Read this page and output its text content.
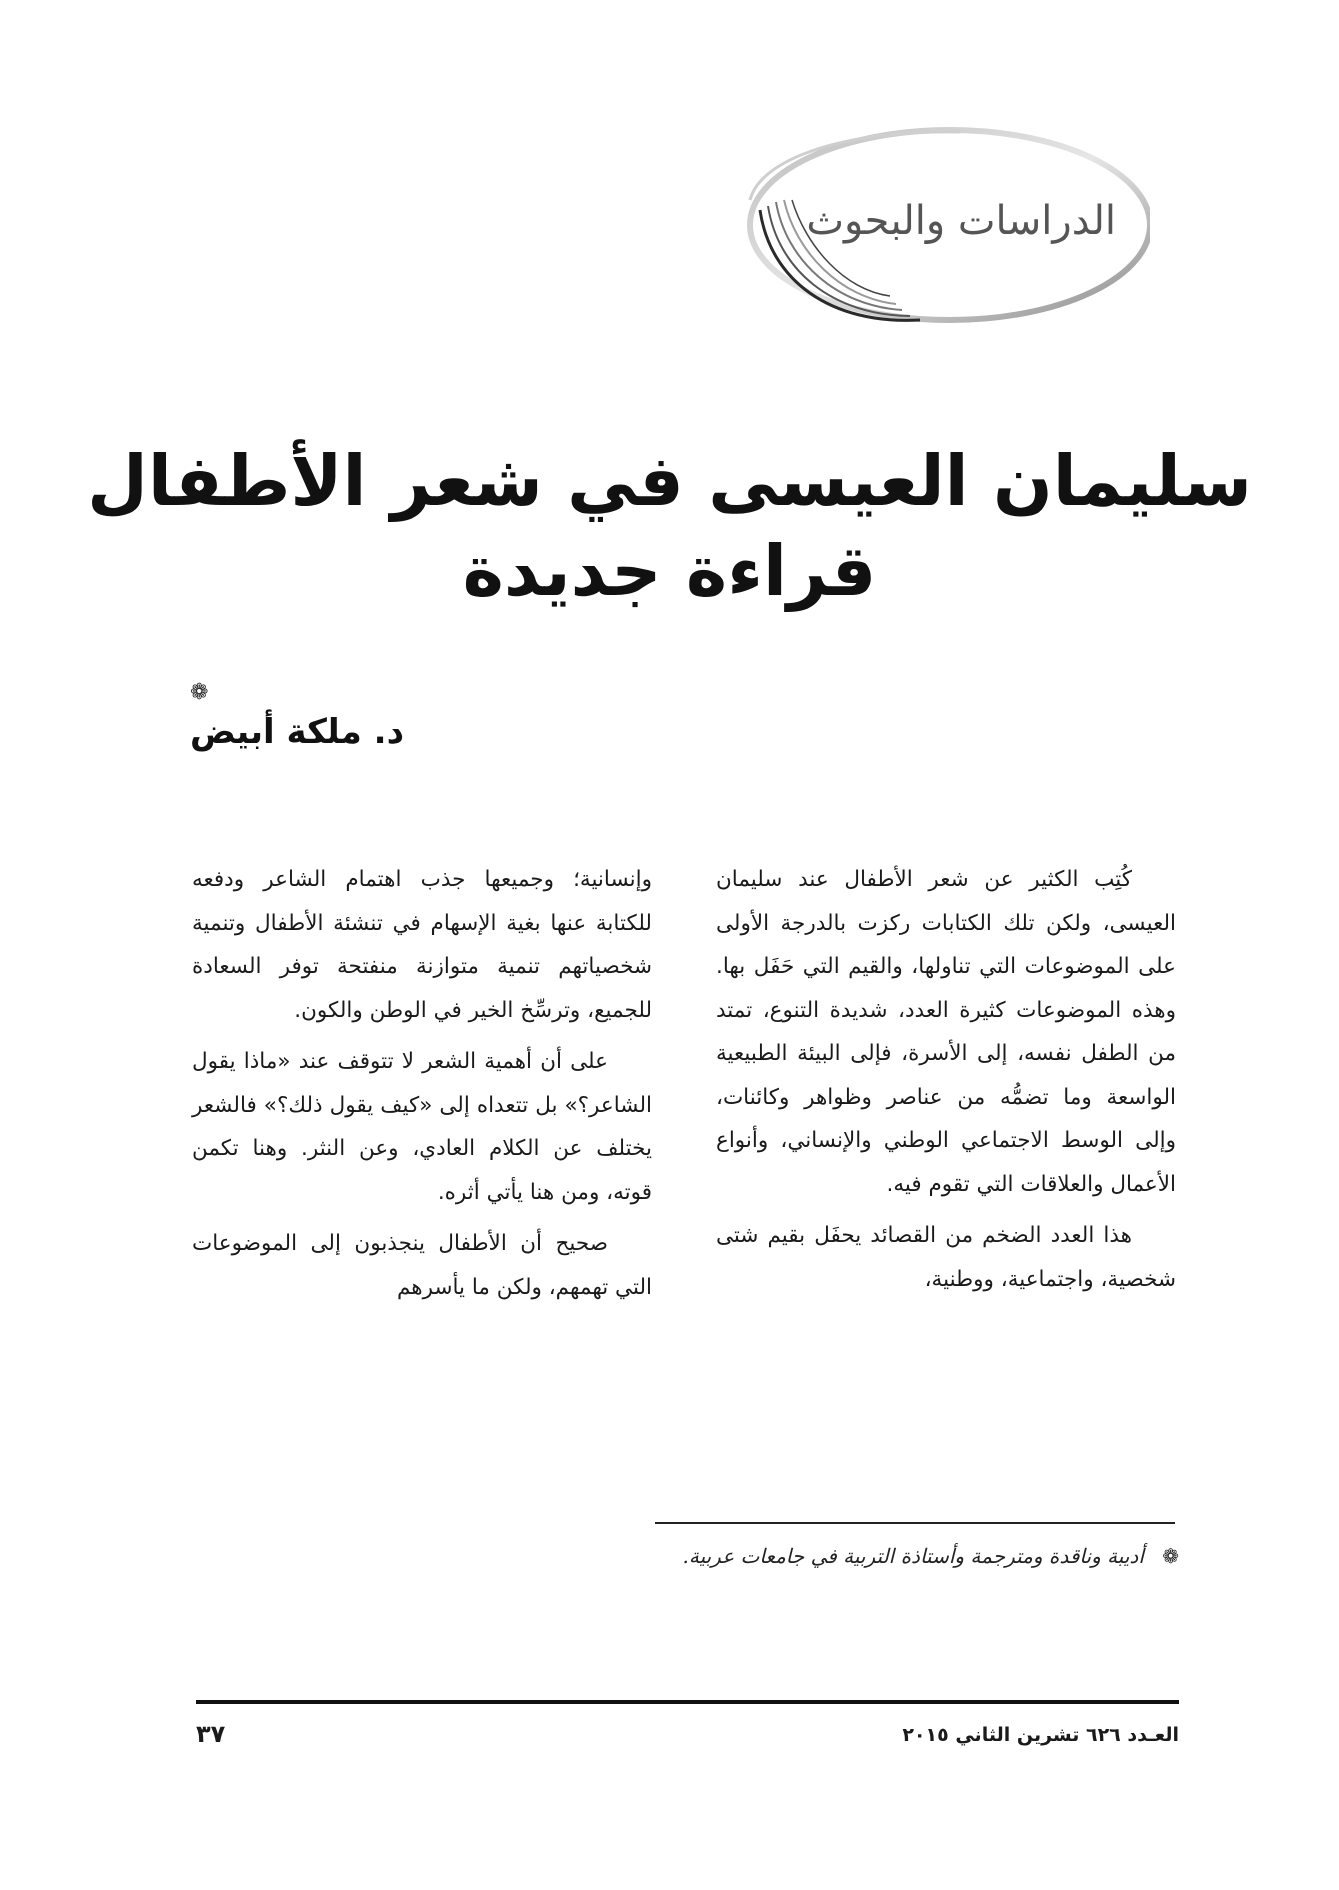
الدراسات والبحوث
سليمان العيسى في شعر الأطفال
قراءة جديدة
❁
د. ملكة أبيض

كُتِب الكثير عن شعر الأطفال عند سليمان العيسى، ولكن تلك الكتابات ركزت بالدرجة الأولى على الموضوعات التي تناولها، والقيم التي حَفَل بها. وهذه الموضوعات كثيرة العدد، شديدة التنوع، تمتد من الطفل نفسه، إلى الأسرة، فإلى البيئة الطبيعية الواسعة وما تضمُّه من عناصر وظواهر وكائنات، وإلى الوسط الاجتماعي الوطني والإنساني، وأنواع الأعمال والعلاقات التي تقوم فيه.

هذا العدد الضخم من القصائد يحفَل بقيم شتى شخصية، واجتماعية، ووطنية،

وإنسانية؛ وجميعها جذب اهتمام الشاعر ودفعه للكتابة عنها بغية الإسهام في تنشئة الأطفال وتنمية شخصياتهم تنمية متوازنة منفتحة توفر السعادة للجميع، وترسِّخ الخير في الوطن والكون.

على أن أهمية الشعر لا تتوقف عند «ماذا يقول الشاعر؟» بل تتعداه إلى «كيف يقول ذلك؟» فالشعر يختلف عن الكلام العادي، وعن النثر. وهنا تكمن قوته، ومن هنا يأتي أثره.

صحيح أن الأطفال ينجذبون إلى الموضوعات التي تهمهم، ولكن ما يأسرهم

❁ أديبة وناقدة ومترجمة وأستاذة التربية في جامعات عربية.
العـدد ٦٢٦ تشرين الثاني ٢٠١٥
٣٧
